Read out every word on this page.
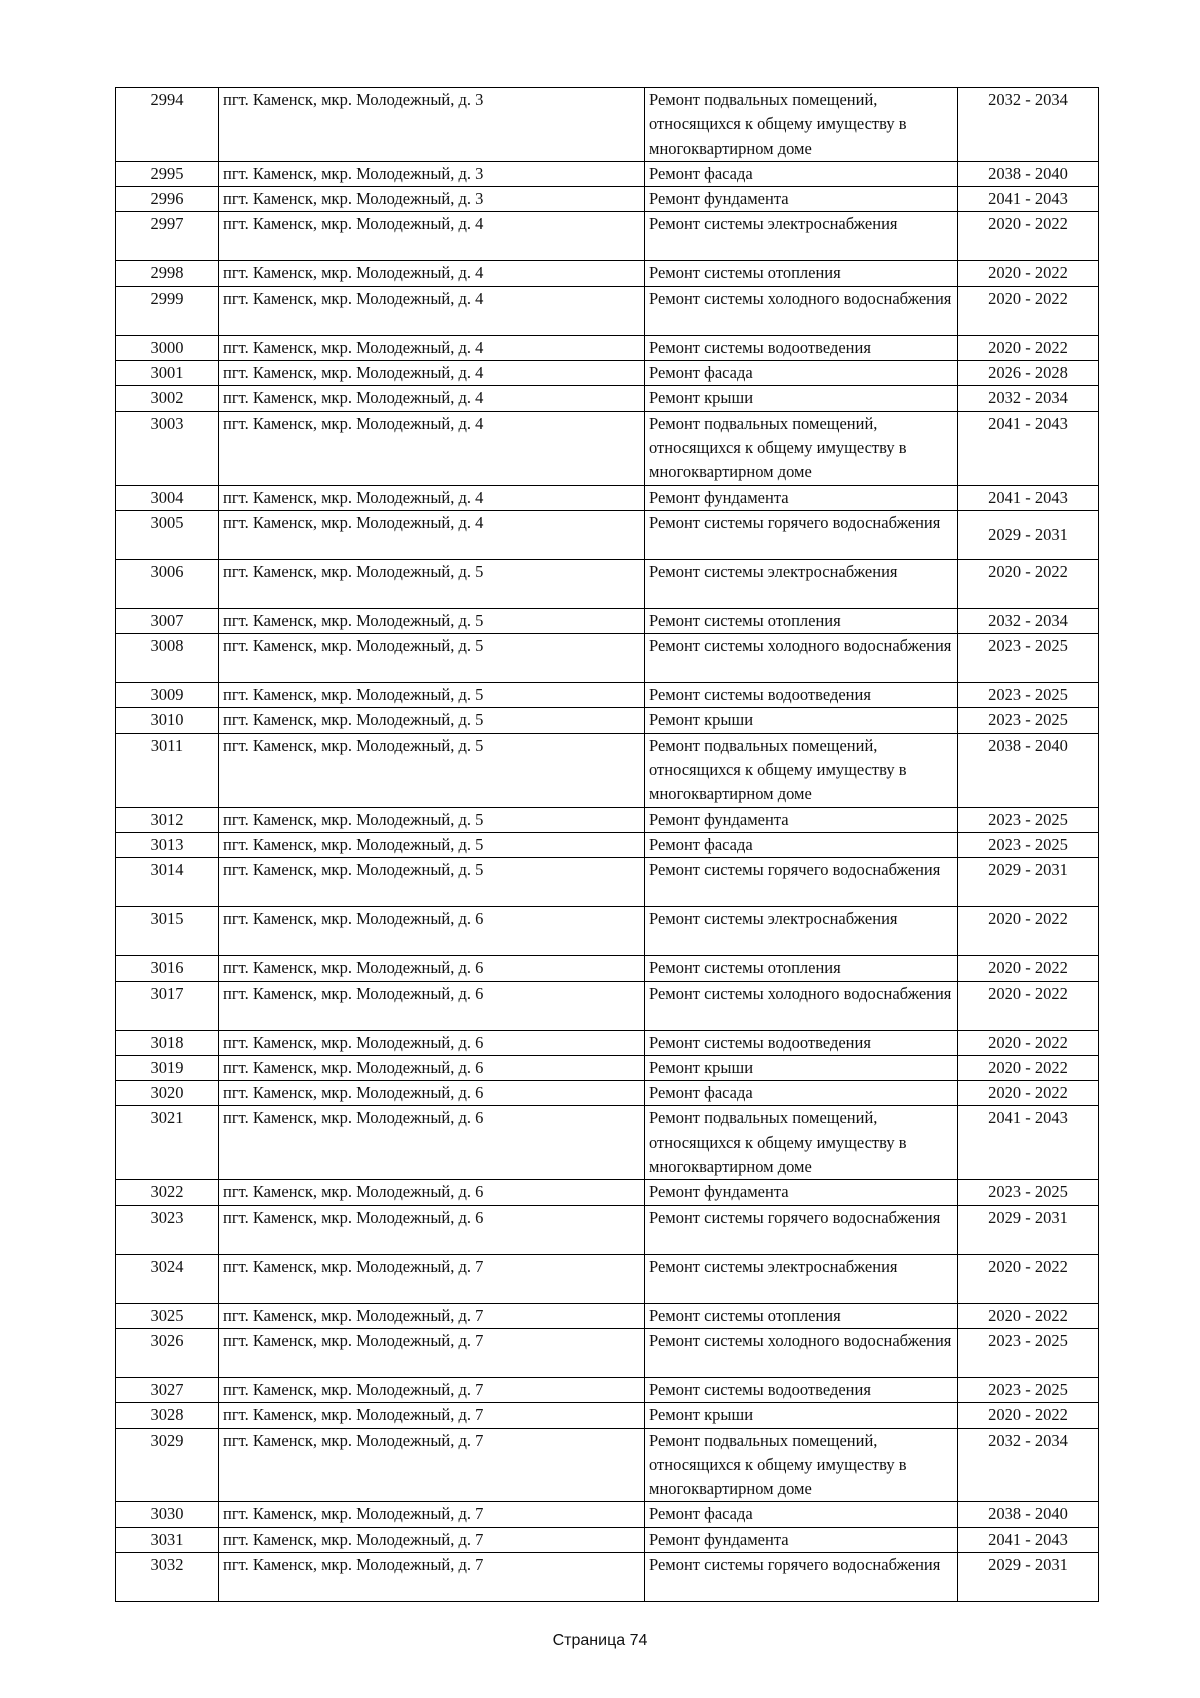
2994	пгт. Каменск, мкр. Молодежный, д. 3	Ремонт подвальных помещений, относящихся к общему имуществу в многоквартирном доме	2032 - 2034
2995	пгт. Каменск, мкр. Молодежный, д. 3	Ремонт фасада	2038 - 2040
2996	пгт. Каменск, мкр. Молодежный, д. 3	Ремонт фундамента	2041 - 2043
2997	пгт. Каменск, мкр. Молодежный, д. 4	Ремонт системы электроснабжения	2020 - 2022
2998	пгт. Каменск, мкр. Молодежный, д. 4	Ремонт системы отопления	2020 - 2022
2999	пгт. Каменск, мкр. Молодежный, д. 4	Ремонт системы холодного водоснабжения	2020 - 2022
3000	пгт. Каменск, мкр. Молодежный, д. 4	Ремонт системы водоотведения	2020 - 2022
3001	пгт. Каменск, мкр. Молодежный, д. 4	Ремонт фасада	2026 - 2028
3002	пгт. Каменск, мкр. Молодежный, д. 4	Ремонт крыши	2032 - 2034
3003	пгт. Каменск, мкр. Молодежный, д. 4	Ремонт подвальных помещений, относящихся к общему имуществу в многоквартирном доме	2041 - 2043
3004	пгт. Каменск, мкр. Молодежный, д. 4	Ремонт фундамента	2041 - 2043
3005	пгт. Каменск, мкр. Молодежный, д. 4	Ремонт системы горячего водоснабжения	2029 - 2031
3006	пгт. Каменск, мкр. Молодежный, д. 5	Ремонт системы электроснабжения	2020 - 2022
3007	пгт. Каменск, мкр. Молодежный, д. 5	Ремонт системы отопления	2032 - 2034
3008	пгт. Каменск, мкр. Молодежный, д. 5	Ремонт системы холодного водоснабжения	2023 - 2025
3009	пгт. Каменск, мкр. Молодежный, д. 5	Ремонт системы водоотведения	2023 - 2025
3010	пгт. Каменск, мкр. Молодежный, д. 5	Ремонт крыши	2023 - 2025
3011	пгт. Каменск, мкр. Молодежный, д. 5	Ремонт подвальных помещений, относящихся к общему имуществу в многоквартирном доме	2038 - 2040
3012	пгт. Каменск, мкр. Молодежный, д. 5	Ремонт фундамента	2023 - 2025
3013	пгт. Каменск, мкр. Молодежный, д. 5	Ремонт фасада	2023 - 2025
3014	пгт. Каменск, мкр. Молодежный, д. 5	Ремонт системы горячего водоснабжения	2029 - 2031
3015	пгт. Каменск, мкр. Молодежный, д. 6	Ремонт системы электроснабжения	2020 - 2022
3016	пгт. Каменск, мкр. Молодежный, д. 6	Ремонт системы отопления	2020 - 2022
3017	пгт. Каменск, мкр. Молодежный, д. 6	Ремонт системы холодного водоснабжения	2020 - 2022
3018	пгт. Каменск, мкр. Молодежный, д. 6	Ремонт системы водоотведения	2020 - 2022
3019	пгт. Каменск, мкр. Молодежный, д. 6	Ремонт крыши	2020 - 2022
3020	пгт. Каменск, мкр. Молодежный, д. 6	Ремонт фасада	2020 - 2022
3021	пгт. Каменск, мкр. Молодежный, д. 6	Ремонт подвальных помещений, относящихся к общему имуществу в многоквартирном доме	2041 - 2043
3022	пгт. Каменск, мкр. Молодежный, д. 6	Ремонт фундамента	2023 - 2025
3023	пгт. Каменск, мкр. Молодежный, д. 6	Ремонт системы горячего водоснабжения	2029 - 2031
3024	пгт. Каменск, мкр. Молодежный, д. 7	Ремонт системы электроснабжения	2020 - 2022
3025	пгт. Каменск, мкр. Молодежный, д. 7	Ремонт системы отопления	2020 - 2022
3026	пгт. Каменск, мкр. Молодежный, д. 7	Ремонт системы холодного водоснабжения	2023 - 2025
3027	пгт. Каменск, мкр. Молодежный, д. 7	Ремонт системы водоотведения	2023 - 2025
3028	пгт. Каменск, мкр. Молодежный, д. 7	Ремонт крыши	2020 - 2022
3029	пгт. Каменск, мкр. Молодежный, д. 7	Ремонт подвальных помещений, относящихся к общему имуществу в многоквартирном доме	2032 - 2034
3030	пгт. Каменск, мкр. Молодежный, д. 7	Ремонт фасада	2038 - 2040
3031	пгт. Каменск, мкр. Молодежный, д. 7	Ремонт фундамента	2041 - 2043
3032	пгт. Каменск, мкр. Молодежный, д. 7	Ремонт системы горячего водоснабжения	2029 - 2031
Страница 74
